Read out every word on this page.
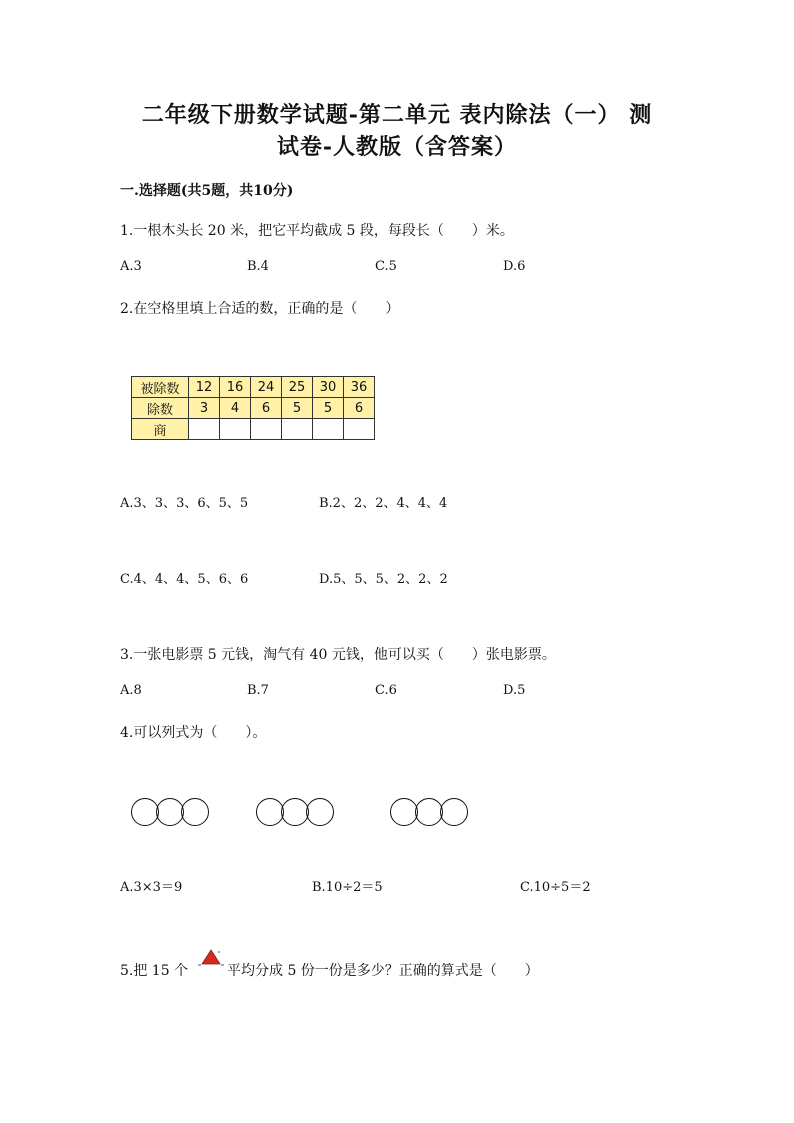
二年级下册数学试题-第二单元 表内除法（一） 测
试卷-人教版（含答案）
一.选择题(共5题，共10分)
1.一根木头长 20 米，把它平均截成 5 段，每段长（　　）米。
A.3	B.4	C.5	D.6
2.在空格里填上合适的数，正确的是（　　）
被除数	12	16	24	25	30	36
除数	3	4	6	5	5	6
商						
A.3、3、3、6、5、5	B.2、2、2、4、4、4
C.4、4、4、5、6、6	D.5、5、5、2、2、2
3.一张电影票 5 元钱，淘气有 40 元钱，他可以买（　　）张电影票。
A.8	B.7	C.6	D.5
4.可以列式为（　　）。
A.3×3＝9	B.10÷2＝5	C.10÷5＝2
5.把 15 个	平均分成 5 份一份是多少？正确的算式是（　　）
